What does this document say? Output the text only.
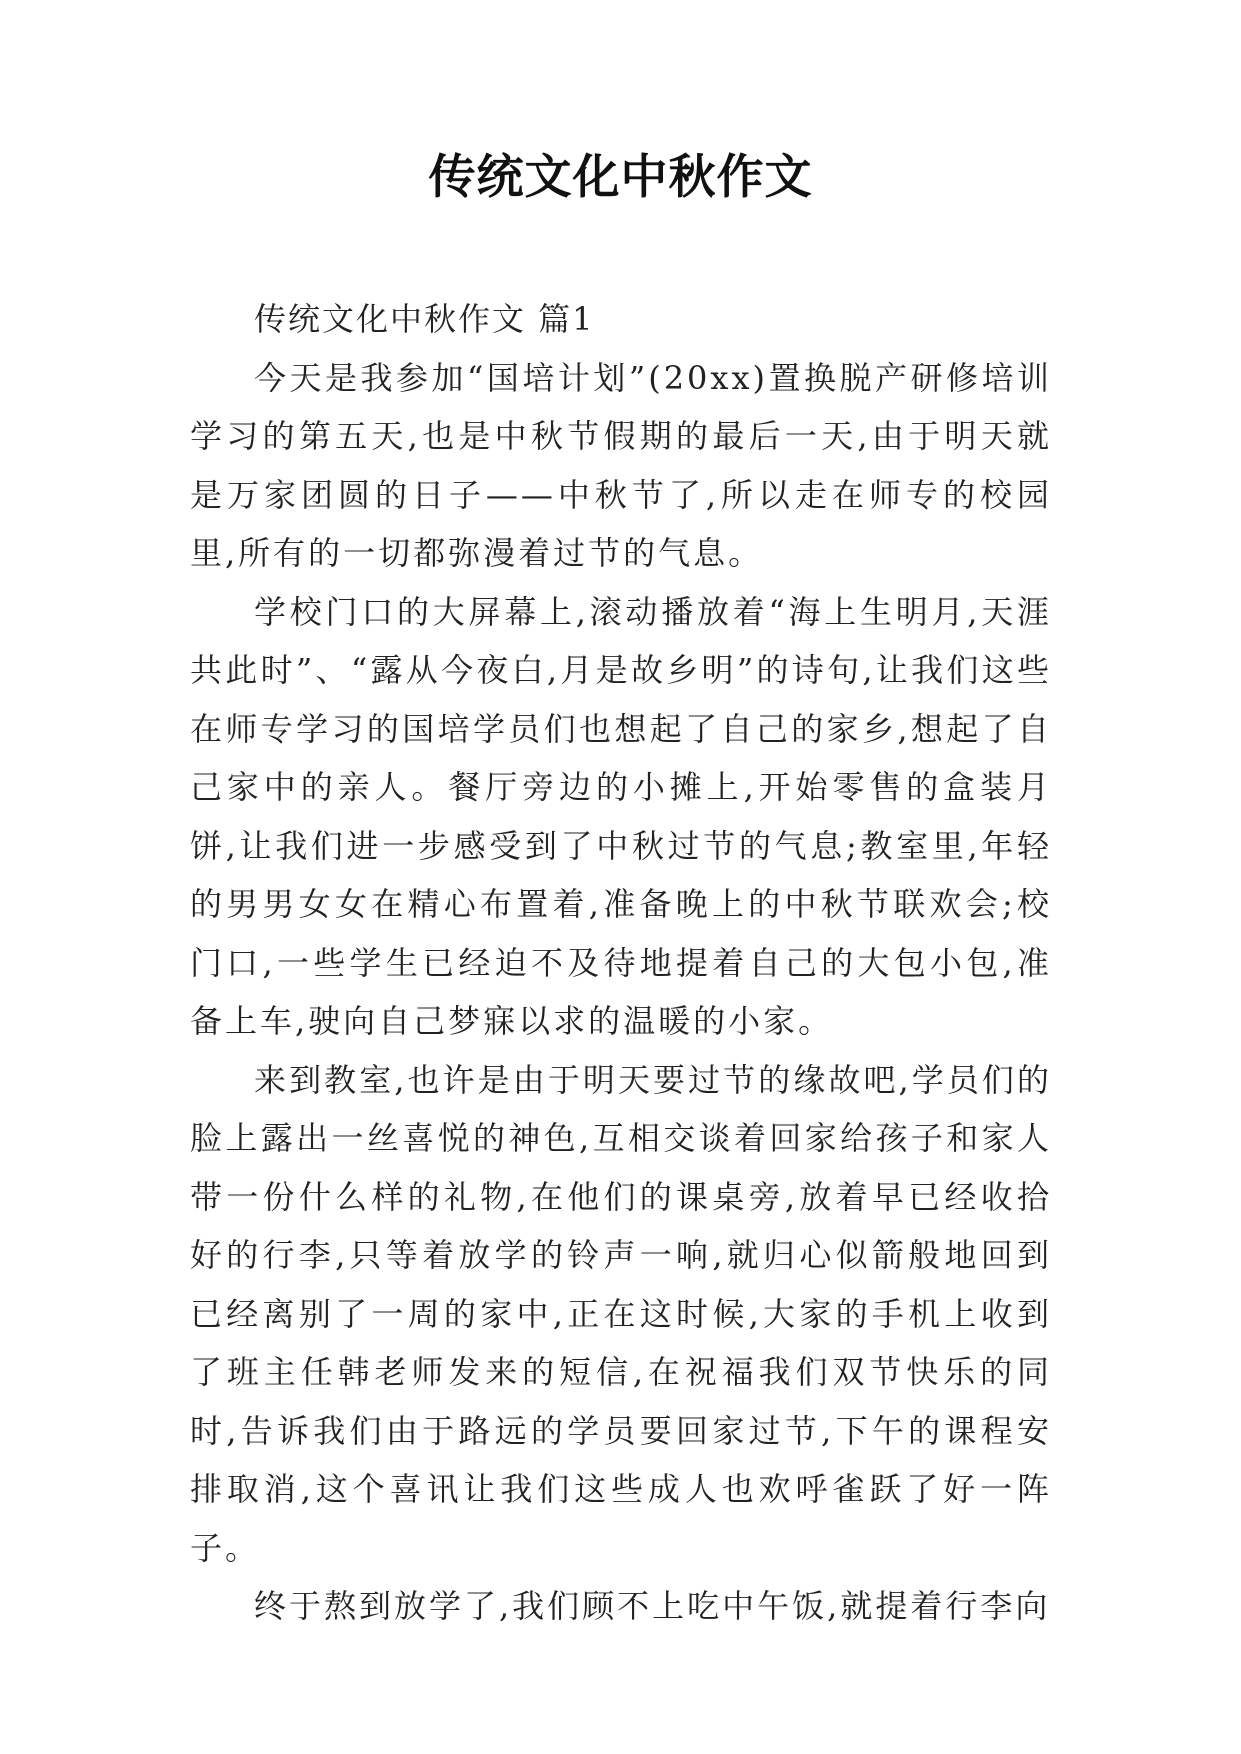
传统文化中秋作文

传统文化中秋作文 篇1

今天是我参加“国培计划”(20xx)置换脱产研修培训学习的第五天,也是中秋节假期的最后一天,由于明天就是万家团圆的日子——中秋节了,所以走在师专的校园里,所有的一切都弥漫着过节的气息。

学校门口的大屏幕上,滚动播放着“海上生明月,天涯共此时”、“露从今夜白,月是故乡明”的诗句,让我们这些在师专学习的国培学员们也想起了自己的家乡,想起了自己家中的亲人。餐厅旁边的小摊上,开始零售的盒装月饼,让我们进一步感受到了中秋过节的气息;教室里,年轻的男男女女在精心布置着,准备晚上的中秋节联欢会;校门口,一些学生已经迫不及待地提着自己的大包小包,准备上车,驶向自己梦寐以求的温暖的小家。

来到教室,也许是由于明天要过节的缘故吧,学员们的脸上露出一丝喜悦的神色,互相交谈着回家给孩子和家人带一份什么样的礼物,在他们的课桌旁,放着早已经收拾好的行李,只等着放学的铃声一响,就归心似箭般地回到已经离别了一周的家中,正在这时候,大家的手机上收到了班主任韩老师发来的短信,在祝福我们双节快乐的同时,告诉我们由于路远的学员要回家过节,下午的课程安排取消,这个喜讯让我们这些成人也欢呼雀跃了好一阵子。

终于熬到放学了,我们顾不上吃中午饭,就提着行李向
